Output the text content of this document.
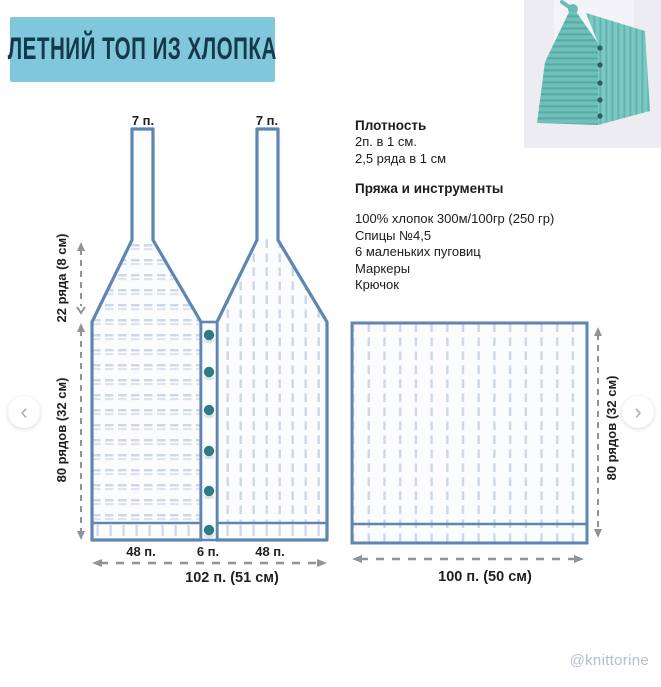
ЛЕТНИЙ ТОП ИЗ ХЛОПКА
Плотность
2п. в 1 см.
2,5 ряда в 1 см
Пряжа и инструменты
100% хлопок 300м/100гр (250 гр)
Спицы №4,5
6 маленьких пуговиц
Маркеры
Крючок
7 п.	7 п.
22 ряда (8 см)
80 рядов (32 см)
48 п.	6 п.	48 п.
102 п. (51 см)	100 п. (50 см)
80 рядов (32 см)
‹	›
@knittorine
